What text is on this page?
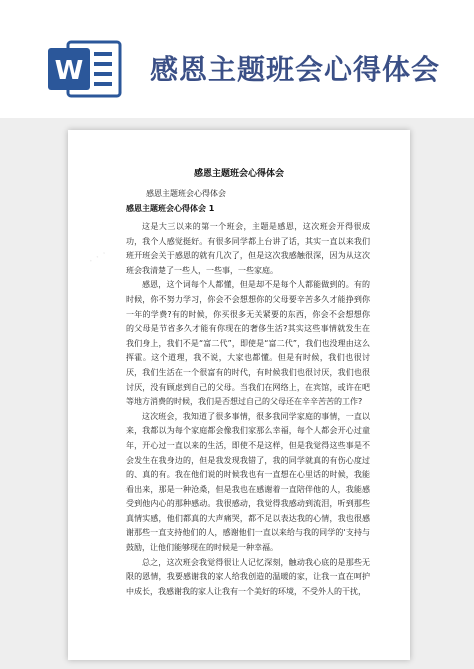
W 感恩主题班会心得体会
· · ·
感恩主题班会心得体会
感恩主题班会心得体会
感恩主题班会心得体会 1

这是大三以来的第一个班会，主题是感恩，这次班会开得很成功，我个人感觉挺好。有很多同学都上台讲了话，其实一直以来我们班开班会关于感恩的就有几次了，但是这次我感触很深，因为从这次班会我清楚了一些人，一些事，一些家庭。

感恩，这个词每个人都懂，但是却不是每个人都能做到的。有的时候，你不努力学习，你会不会想想你的父母要辛苦多久才能挣到你一年的学费?有的时候，你买很多无关紧要的东西，你会不会想想你的父母是节省多久才能有你现在的奢侈生活?其实这些事情就发生在我们身上，我们不是“富二代”，即使是“富二代”，我们也没理由这么挥霍。这个道理，我不说，大家也都懂。但是有时候，我们也很讨厌，我们生活在一个很富有的时代，有时候我们也很讨厌，我们也很讨厌，没有顾虑到自己的父母。当我们在网络上，在宾馆，或许在吧等地方消费的时候，我们是否想过自己的父母还在辛辛苦苦的工作?

这次班会，我知道了很多事情，很多我同学家庭的事情，一直以来，我都以为每个家庭都会像我们家那么幸福，每个人都会开心过童年，开心过一直以来的生活，即使不是这样，但是我觉得这些事是不会发生在我身边的，但是我发现我错了，我的同学就真的有伤心度过的、真的有。我在他们说的时候我也有一直想在心里话的时候，我能看出来，那是一种沧桑，但是我也在感谢着一直陪伴他的人，我能感受到他内心的那种感动。我很感动，我觉得我感动到流泪，听到那些真情实感，他们都真的大声痛哭，都不足以表达我的心情，我也很感谢那些一直支持他们的人，感谢他们一直以来给与我的同学的‘支持与鼓励，让他们能够现在的时候是一种幸福。

总之，这次班会我觉得很让人记忆深刻，触动我心底的是那些无限的恩情，我要感谢我的家人给我创造的温暖的家，让我一直在呵护中成长，我感谢我的家人让我有一个美好的环境，不受外人的干扰，
